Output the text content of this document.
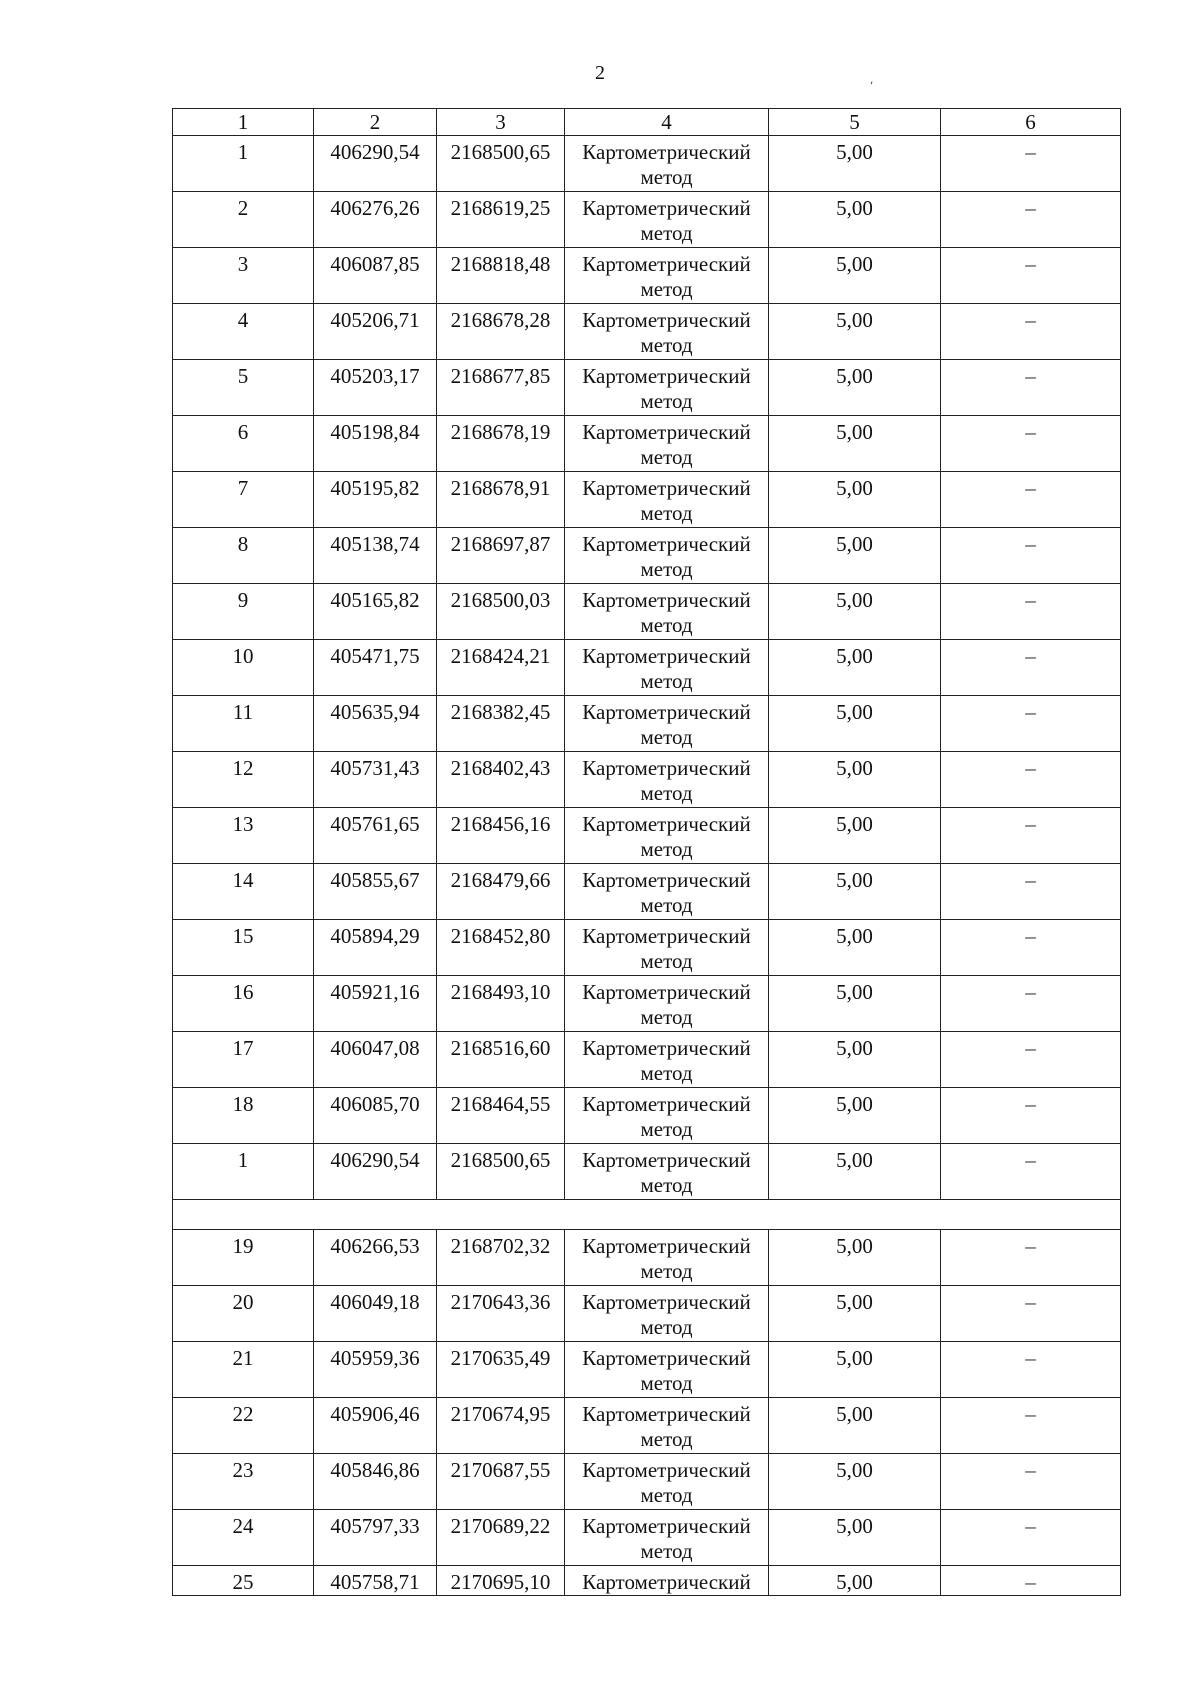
2
´
1	2	3	4	5	6
1	406290,54	2168500,65	Картометрический метод	5,00	–
2	406276,26	2168619,25	Картометрический метод	5,00	–
3	406087,85	2168818,48	Картометрический метод	5,00	–
4	405206,71	2168678,28	Картометрический метод	5,00	–
5	405203,17	2168677,85	Картометрический метод	5,00	–
6	405198,84	2168678,19	Картометрический метод	5,00	–
7	405195,82	2168678,91	Картометрический метод	5,00	–
8	405138,74	2168697,87	Картометрический метод	5,00	–
9	405165,82	2168500,03	Картометрический метод	5,00	–
10	405471,75	2168424,21	Картометрический метод	5,00	–
11	405635,94	2168382,45	Картометрический метод	5,00	–
12	405731,43	2168402,43	Картометрический метод	5,00	–
13	405761,65	2168456,16	Картометрический метод	5,00	–
14	405855,67	2168479,66	Картометрический метод	5,00	–
15	405894,29	2168452,80	Картометрический метод	5,00	–
16	405921,16	2168493,10	Картометрический метод	5,00	–
17	406047,08	2168516,60	Картометрический метод	5,00	–
18	406085,70	2168464,55	Картометрический метод	5,00	–
1	406290,54	2168500,65	Картометрический метод	5,00	–

19	406266,53	2168702,32	Картометрический метод	5,00	–
20	406049,18	2170643,36	Картометрический метод	5,00	–
21	405959,36	2170635,49	Картометрический метод	5,00	–
22	405906,46	2170674,95	Картометрический метод	5,00	–
23	405846,86	2170687,55	Картометрический метод	5,00	–
24	405797,33	2170689,22	Картометрический метод	5,00	–
25	405758,71	2170695,10	Картометрический	5,00	–
